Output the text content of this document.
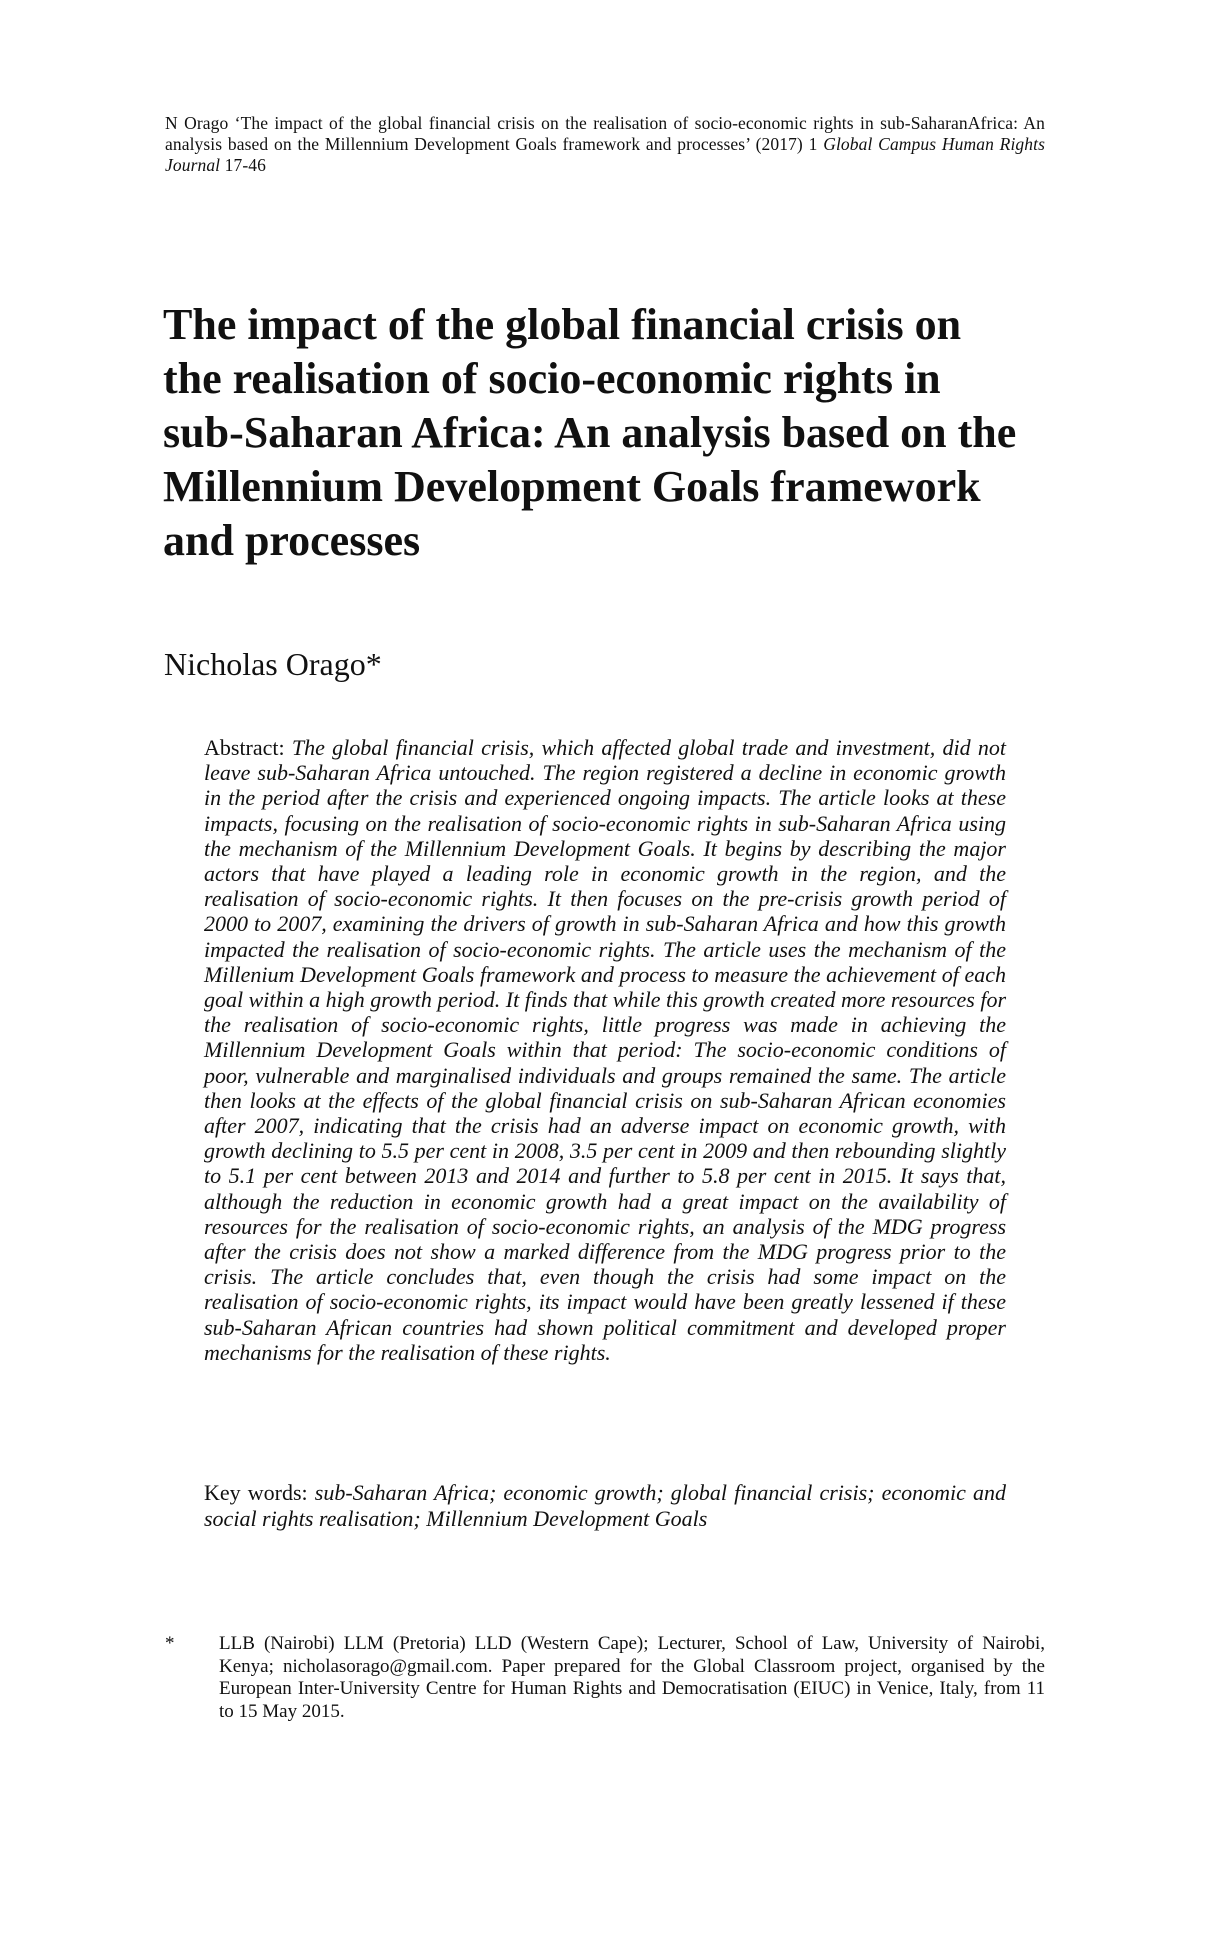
N Orago ‘The impact of the global financial crisis on the realisation of socio-economic rights in sub-SaharanAfrica: An analysis based on the Millennium Development Goals framework and processes’ (2017) 1 Global Campus Human Rights Journal 17-46
The impact of the global financial crisis on
the realisation of socio-economic rights in
sub-Saharan Africa: An analysis based on the
Millennium Development Goals framework
and processes
Nicholas Orago*

Abstract: The global financial crisis, which affected global trade and investment, did not leave sub-Saharan Africa untouched. The region registered a decline in economic growth in the period after the crisis and experienced ongoing impacts. The article looks at these impacts, focusing on the realisation of socio-economic rights in sub-Saharan Africa using the mechanism of the Millennium Development Goals. It begins by describing the major actors that have played a leading role in economic growth in the region, and the realisation of socio-economic rights. It then focuses on the pre-crisis growth period of 2000 to 2007, examining the drivers of growth in sub-Saharan Africa and how this growth impacted the realisation of socio-economic rights. The article uses the mechanism of the Millenium Development Goals framework and process to measure the achievement of each goal within a high growth period. It finds that while this growth created more resources for the realisation of socio-economic rights, little progress was made in achieving the Millennium Development Goals within that period: The socio-economic conditions of poor, vulnerable and marginalised individuals and groups remained the same. The article then looks at the effects of the global financial crisis on sub-Saharan African economies after 2007, indicating that the crisis had an adverse impact on economic growth, with growth declining to 5.5 per cent in 2008, 3.5 per cent in 2009 and then rebounding slightly to 5.1 per cent between 2013 and 2014 and further to 5.8 per cent in 2015. It says that, although the reduction in economic growth had a great impact on the availability of resources for the realisation of socio-economic rights, an analysis of the MDG progress after the crisis does not show a marked difference from the MDG progress prior to the crisis. The article concludes that, even though the crisis had some impact on the realisation of socio-economic rights, its impact would have been greatly lessened if these sub-Saharan African countries had shown political commitment and developed proper mechanisms for the realisation of these rights.

Key words: sub-Saharan Africa; economic growth; global financial crisis; economic and social rights realisation; Millennium Development Goals

* LLB (Nairobi) LLM (Pretoria) LLD (Western Cape); Lecturer, School of Law, University of Nairobi, Kenya; nicholasorago@gmail.com. Paper prepared for the Global Classroom project, organised by the European Inter-University Centre for Human Rights and Democratisation (EIUC) in Venice, Italy, from 11 to 15 May 2015.
